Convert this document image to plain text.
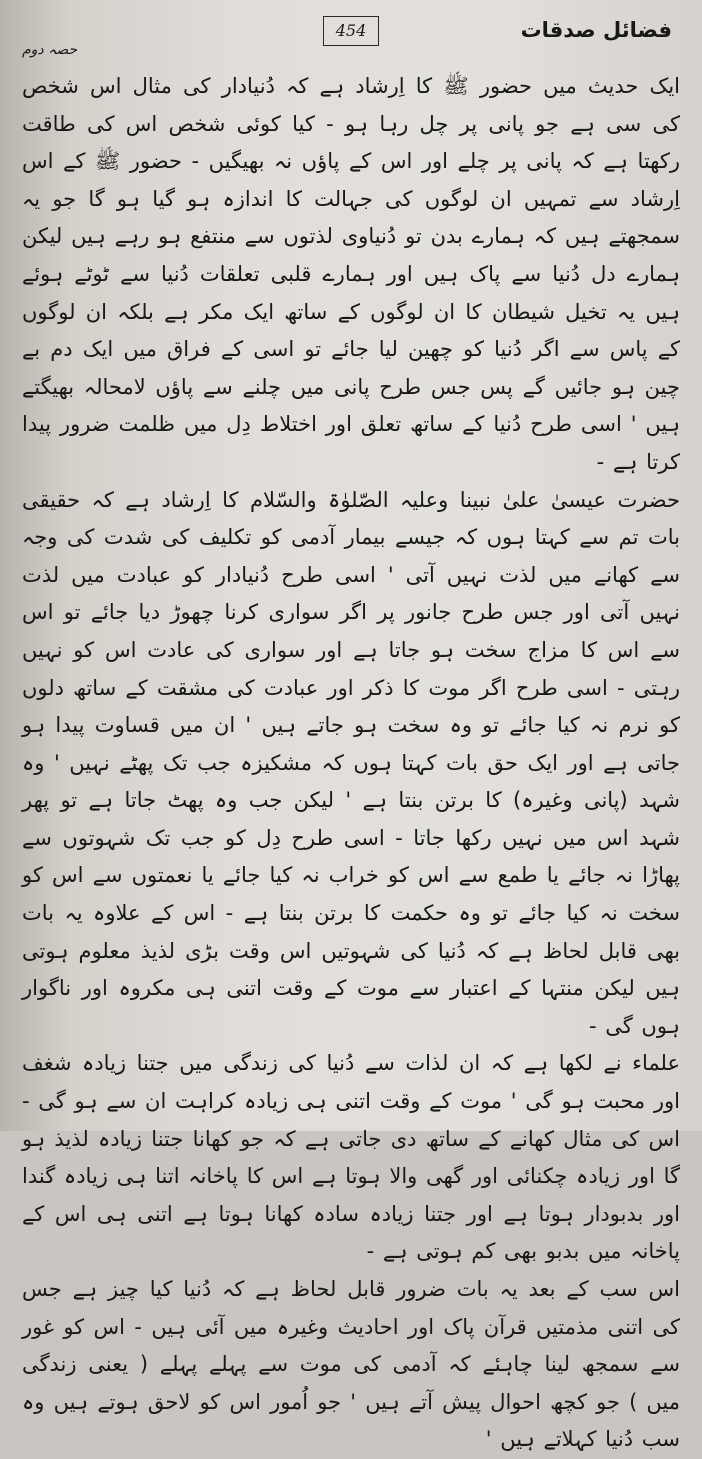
فضائل صدقات
454
حصہ دوم

ایک حدیث میں حضور ﷺ کا اِرشاد ہے کہ دُنیادار کی مثال اس شخص کی سی ہے جو پانی پر چل رہا ہو - کیا کوئی شخص اس کی طاقت رکھتا ہے کہ پانی پر چلے اور اس کے پاؤں نہ بھیگیں - حضور ﷺ کے اس اِرشاد سے تمہیں ان لوگوں کی جہالت کا اندازہ ہو گیا ہو گا جو یہ سمجھتے ہیں کہ ہمارے بدن تو دُنیاوی لذتوں سے منتفع ہو رہے ہیں لیکن ہمارے دل دُنیا سے پاک ہیں اور ہمارے قلبی تعلقات دُنیا سے ٹوٹے ہوئے ہیں یہ تخیل شیطان کا ان لوگوں کے ساتھ ایک مکر ہے بلکہ ان لوگوں کے پاس سے اگر دُنیا کو چھین لیا جائے تو اسی کے فراق میں ایک دم بے چین ہو جائیں گے پس جس طرح پانی میں چلنے سے پاؤں لامحالہ بھیگتے ہیں ' اسی طرح دُنیا کے ساتھ تعلق اور اختلاط دِل میں ظلمت ضرور پیدا کرتا ہے -

حضرت عیسیٰ علیٰ نبینا وعلیہ الصّلوٰۃ والسّلام کا اِرشاد ہے کہ حقیقی بات تم سے کہتا ہوں کہ جیسے بیمار آدمی کو تکلیف کی شدت کی وجہ سے کھانے میں لذت نہیں آتی ' اسی طرح دُنیادار کو عبادت میں لذت نہیں آتی اور جس طرح جانور پر اگر سواری کرنا چھوڑ دیا جائے تو اس سے اس کا مزاج سخت ہو جاتا ہے اور سواری کی عادت اس کو نہیں رہتی - اسی طرح اگر موت کا ذکر اور عبادت کی مشقت کے ساتھ دلوں کو نرم نہ کیا جائے تو وہ سخت ہو جاتے ہیں ' ان میں قساوت پیدا ہو جاتی ہے اور ایک حق بات کہتا ہوں کہ مشکیزہ جب تک پھٹے نہیں ' وہ شہد (پانی وغیرہ) کا برتن بنتا ہے ' لیکن جب وہ پھٹ جاتا ہے تو پھر شہد اس میں نہیں رکھا جاتا - اسی طرح دِل کو جب تک شہوتوں سے پھاڑا نہ جائے یا طمع سے اس کو خراب نہ کیا جائے یا نعمتوں سے اس کو سخت نہ کیا جائے تو وہ حکمت کا برتن بنتا ہے - اس کے علاوہ یہ بات بھی قابل لحاظ ہے کہ دُنیا کی شہوتیں اس وقت بڑی لذیذ معلوم ہوتی ہیں لیکن منتہا کے اعتبار سے موت کے وقت اتنی ہی مکروہ اور ناگوار ہوں گی -

علماء نے لکھا ہے کہ ان لذات سے دُنیا کی زندگی میں جتنا زیادہ شغف اور محبت ہو گی ' موت کے وقت اتنی ہی زیادہ کراہت ان سے ہو گی - اس کی مثال کھانے کے ساتھ دی جاتی ہے کہ جو کھانا جتنا زیادہ لذیذ ہو گا اور زیادہ چکنائی اور گھی والا ہوتا ہے اس کا پاخانہ اتنا ہی زیادہ گندا اور بدبودار ہوتا ہے اور جتنا زیادہ سادہ کھانا ہوتا ہے اتنی ہی اس کے پاخانہ میں بدبو بھی کم ہوتی ہے -

اس سب کے بعد یہ بات ضرور قابل لحاظ ہے کہ دُنیا کیا چیز ہے جس کی اتنی مذمتیں قرآن پاک اور احادیث وغیرہ میں آئی ہیں - اس کو غور سے سمجھ لینا چاہئے کہ آدمی کی موت سے پہلے پہلے ( یعنی زندگی میں ) جو کچھ احوال پیش آتے ہیں ' جو اُمور اس کو لاحق ہوتے ہیں وہ سب دُنیا کہلاتے ہیں '
